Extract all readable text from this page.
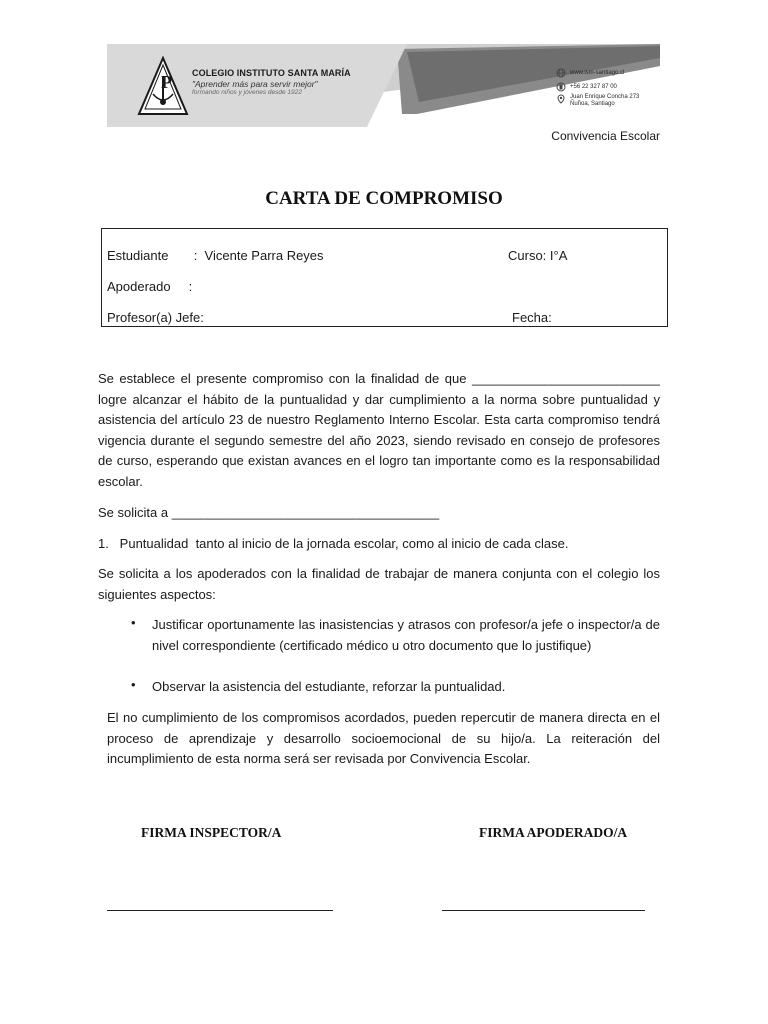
P COLEGIO INSTITUTO SANTA MARÍA
"Aprender más para servir mejor"
formando niños y jóvenes desde 1922
www.ism-santiago.cl
+56 22 327 87 00
Juan Enrique Concha 273
Ñuñoa, Santiago
Convivencia Escolar
CARTA DE COMPROMISO
Estudiante       :  Vicente Parra Reyes	Curso: I°A
Apoderado     :
Profesor(a) Jefe:	Fecha:
Se establece el presente compromiso con la finalidad de que __________________________ logre alcanzar el hábito de la puntualidad y dar cumplimiento a la norma sobre puntualidad y asistencia del artículo 23 de nuestro Reglamento Interno Escolar. Esta carta compromiso tendrá vigencia durante el segundo semestre del año 2023, siendo revisado en consejo de profesores de curso, esperando que existan avances en el logro tan importante como es la responsabilidad escolar.
Se solicita a _____________________________________
1.   Puntualidad  tanto al inicio de la jornada escolar, como al inicio de cada clase.
Se solicita a los apoderados con la finalidad de trabajar de manera conjunta con el colegio los siguientes aspectos:
• Justificar oportunamente las inasistencias y atrasos con profesor/a jefe o inspector/a de nivel correspondiente (certificado médico u otro documento que lo justifique)
• Observar la asistencia del estudiante, reforzar la puntualidad.
El no cumplimiento de los compromisos acordados, pueden repercutir de manera directa en el proceso de aprendizaje y desarrollo socioemocional de su hijo/a. La reiteración del incumplimiento de esta norma será ser revisada por Convivencia Escolar.
FIRMA INSPECTOR/A	FIRMA APODERADO/A
